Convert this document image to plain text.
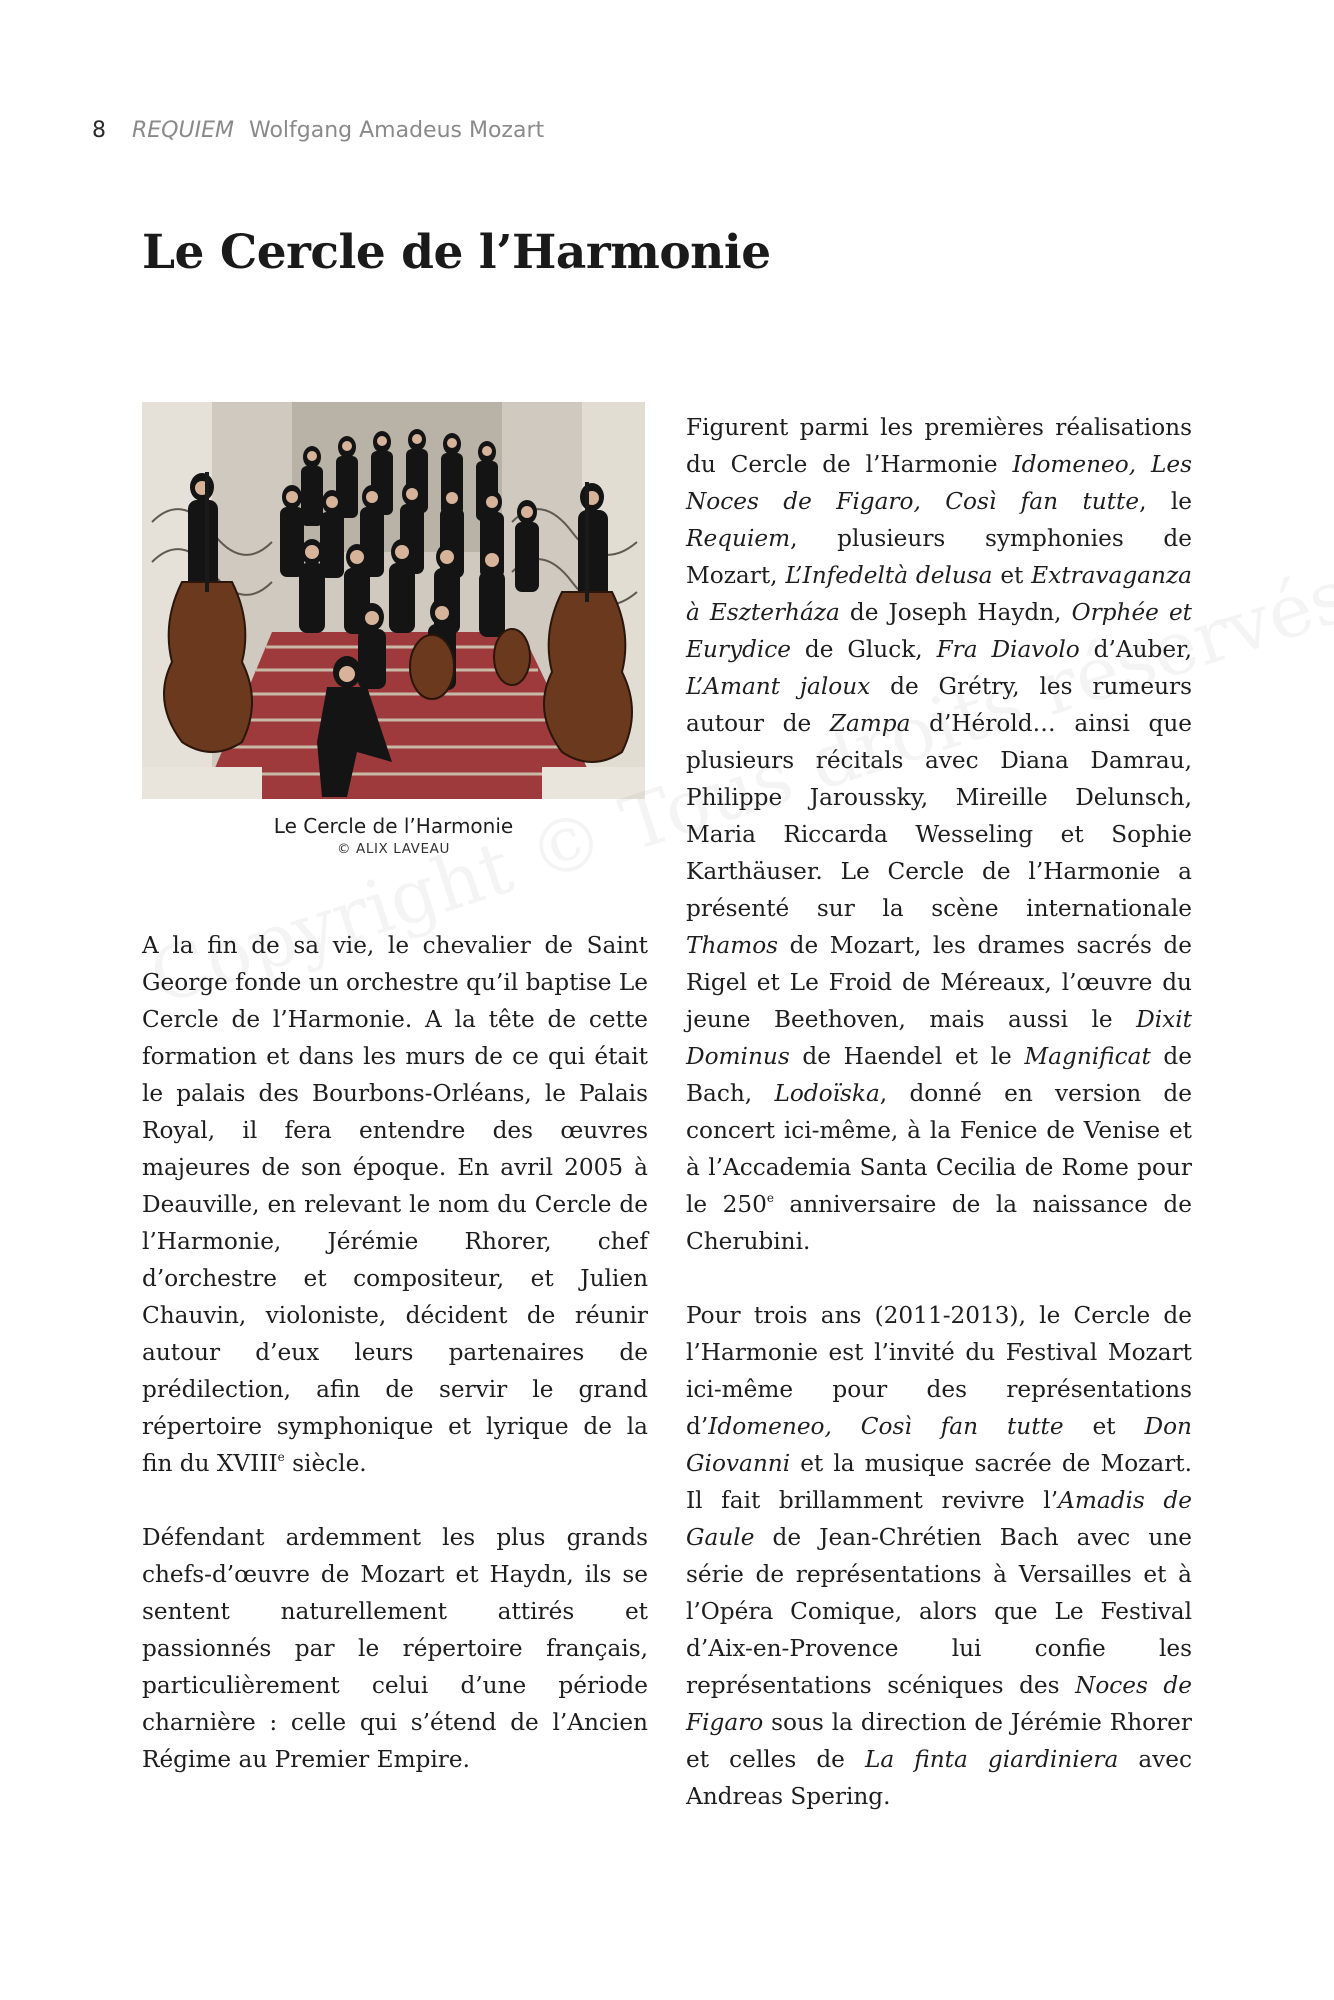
8 REQUIEM Wolfgang Amadeus Mozart
Le Cercle de l’Harmonie
Le Cercle de l’Harmonie
© ALIX LAVEAU

A la fin de sa vie, le chevalier de Saint George fonde un orchestre qu’il baptise Le Cercle de l’Harmonie. A la tête de cette formation et dans les murs de ce qui était le palais des Bourbons-Orléans, le Palais Royal, il fera entendre des œuvres majeures de son époque. En avril 2005 à Deauville, en relevant le nom du Cercle de l’Harmonie, Jérémie Rhorer, chef d’orchestre et compositeur, et Julien Chauvin, violoniste, décident de réunir autour d’eux leurs partenaires de prédilection, afin de servir le grand répertoire symphonique et lyrique de la fin du XVIIIe siècle.

Défendant ardemment les plus grands chefs-d’œuvre de Mozart et Haydn, ils se sentent naturellement attirés et passionnés par le répertoire français, particulièrement celui d’une période charnière : celle qui s’étend de l’Ancien Régime au Premier Empire.

Figurent parmi les premières réalisations du Cercle de l’Harmonie Idomeneo, Les Noces de Figaro, Così fan tutte, le Requiem, plusieurs symphonies de Mozart, L’Infedeltà delusa et Extravaganza à Eszterháza de Joseph Haydn, Orphée et Eurydice de Gluck, Fra Diavolo d’Auber, L’Amant jaloux de Grétry, les rumeurs autour de Zampa d’Hérold… ainsi que plusieurs récitals avec Diana Damrau, Philippe Jaroussky, Mireille Delunsch, Maria Riccarda Wesseling et Sophie Karthäuser. Le Cercle de l’Harmonie a présenté sur la scène internationale Thamos de Mozart, les drames sacrés de Rigel et Le Froid de Méreaux, l’œuvre du jeune Beethoven, mais aussi le Dixit Dominus de Haendel et le Magnificat de Bach, Lodoïska, donné en version de concert ici-même, à la Fenice de Venise et à l’Accademia Santa Cecilia de Rome pour le 250e anniversaire de la naissance de Cherubini.

Pour trois ans (2011-2013), le Cercle de l’Harmonie est l’invité du Festival Mozart ici-même pour des représentations d’Idomeneo, Così fan tutte et Don Giovanni et la musique sacrée de Mozart. Il fait brillamment revivre l’Amadis de Gaule de Jean-Chrétien Bach avec une série de représentations à Versailles et à l’Opéra Comique, alors que Le Festival d’Aix-en-Provence lui confie les représentations scéniques des Noces de Figaro sous la direction de Jérémie Rhorer et celles de La finta giardiniera avec Andreas Spering.
